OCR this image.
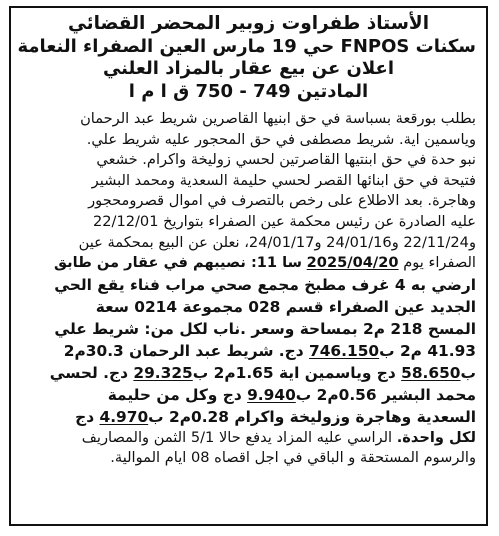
الأستاذ طفراوت زوبير المحضر القضائي
سكنات FNPOS حي 19 مارس العين الصفراء النعامة
اعلان عن بيع عقار بالمزاد العلني
المادتين 749 - 750 ق ا م ا

بطلب بورقعة بسباسة في حق ابنيها القاصرين شريط عبد الرحمان

وياسمين اية. شريط مصطفى في حق المحجور عليه شريط علي.

نبو حدة في حق ابنتيها القاصرتين لحسي زوليخة واكرام. خشعي

فتيحة في حق ابنائها القصر لحسي حليمة السعدية ومحمد البشير

وهاجرة. بعد الاطلاع على رخص بالتصرف في اموال قصرومحجور

عليه الصادرة عن رئيس محكمة عين الصفراء بتواريخ 22/12/01

و22/11/24 و24/01/16 و24/01/17، نعلن عن البيع بمحكمة عين

الصفراء يوم 2025/04/20 سا 11: نصيبهم في عقار من طابق

ارضي به 4 غرف مطبخ مجمع صحي مراب فناء يقع الحي

الجديد عين الصفراء قسم 028 مجموعة 0214 سعة

المسح 218 م2 بمساحة وسعر .ناب لكل من: شريط علي

41.93 م2 ب746.150 دج. شريط عبد الرحمان 30.3م2

ب58.650 دج وياسمين اية 1.65م2 ب29.325 دج. لحسي

محمد البشير 0.56م2 ب9.940 دج وكل من حليمة

السعدية وهاجرة وزوليخة واكرام 0.28م2 ب4.970 دج

لكل واحدة. الراسي عليه المزاد يدفع حالا 5/1 الثمن والمصاريف

والرسوم المستحقة و الباقي في اجل اقصاه 08 ايام الموالية.
